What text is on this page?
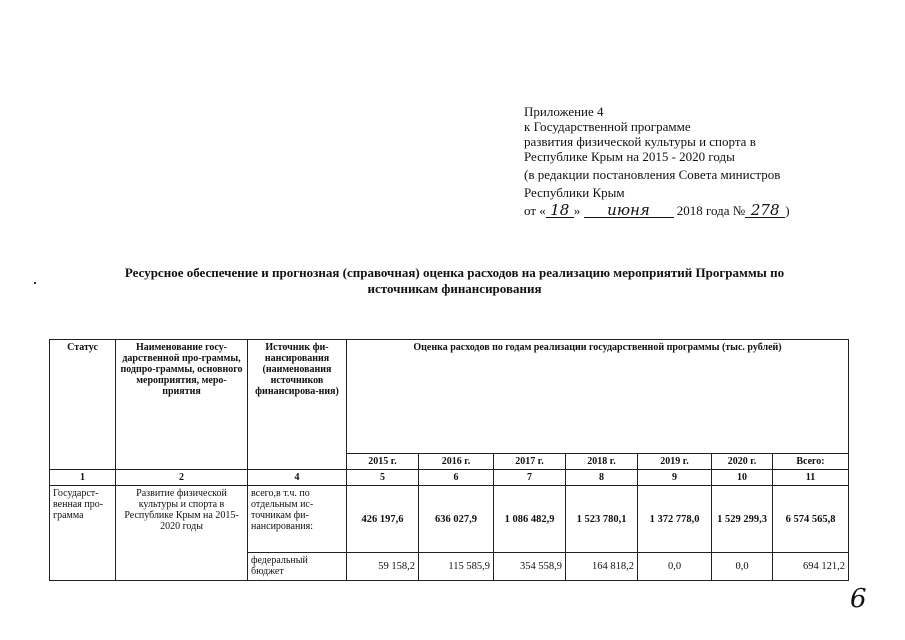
Приложение 4
к Государственной программе
развития физической культуры и спорта в
Республике Крым на 2015 - 2020 годы
(в редакции постановления Совета министров
Республики Крым
от « 18 » июня 2018 года № 278 )
Ресурсное обеспечение и прогнозная (справочная) оценка расходов на реализацию мероприятий Программы по
источникам финансирования
Статус	Наименование госу-дарственной про-граммы, подпро-граммы, основного мероприятия, меро-приятия	Источник фи-нансирования (наименования источников финансирова-ния)	Оценка расходов по годам реализации государственной программы (тыс. рублей)						
			2015 г.	2016 г.	2017 г.	2018 г.	2019 г.	2020 г.	Всего:
1	2	4	5	6	7	8	9	10	11
Государст-венная про-грамма	Развитие физической культуры и спорта в Республике Крым на 2015-2020 годы	всего,в т.ч. по отдельным ис-точникам фи-нансирования:	426 197,6	636 027,9	1 086 482,9	1 523 780,1	1 372 778,0	1 529 299,3	6 574 565,8
		федеральный бюджет	59 158,2	115 585,9	354 558,9	164 818,2	0,0	0,0	694 121,2
6
